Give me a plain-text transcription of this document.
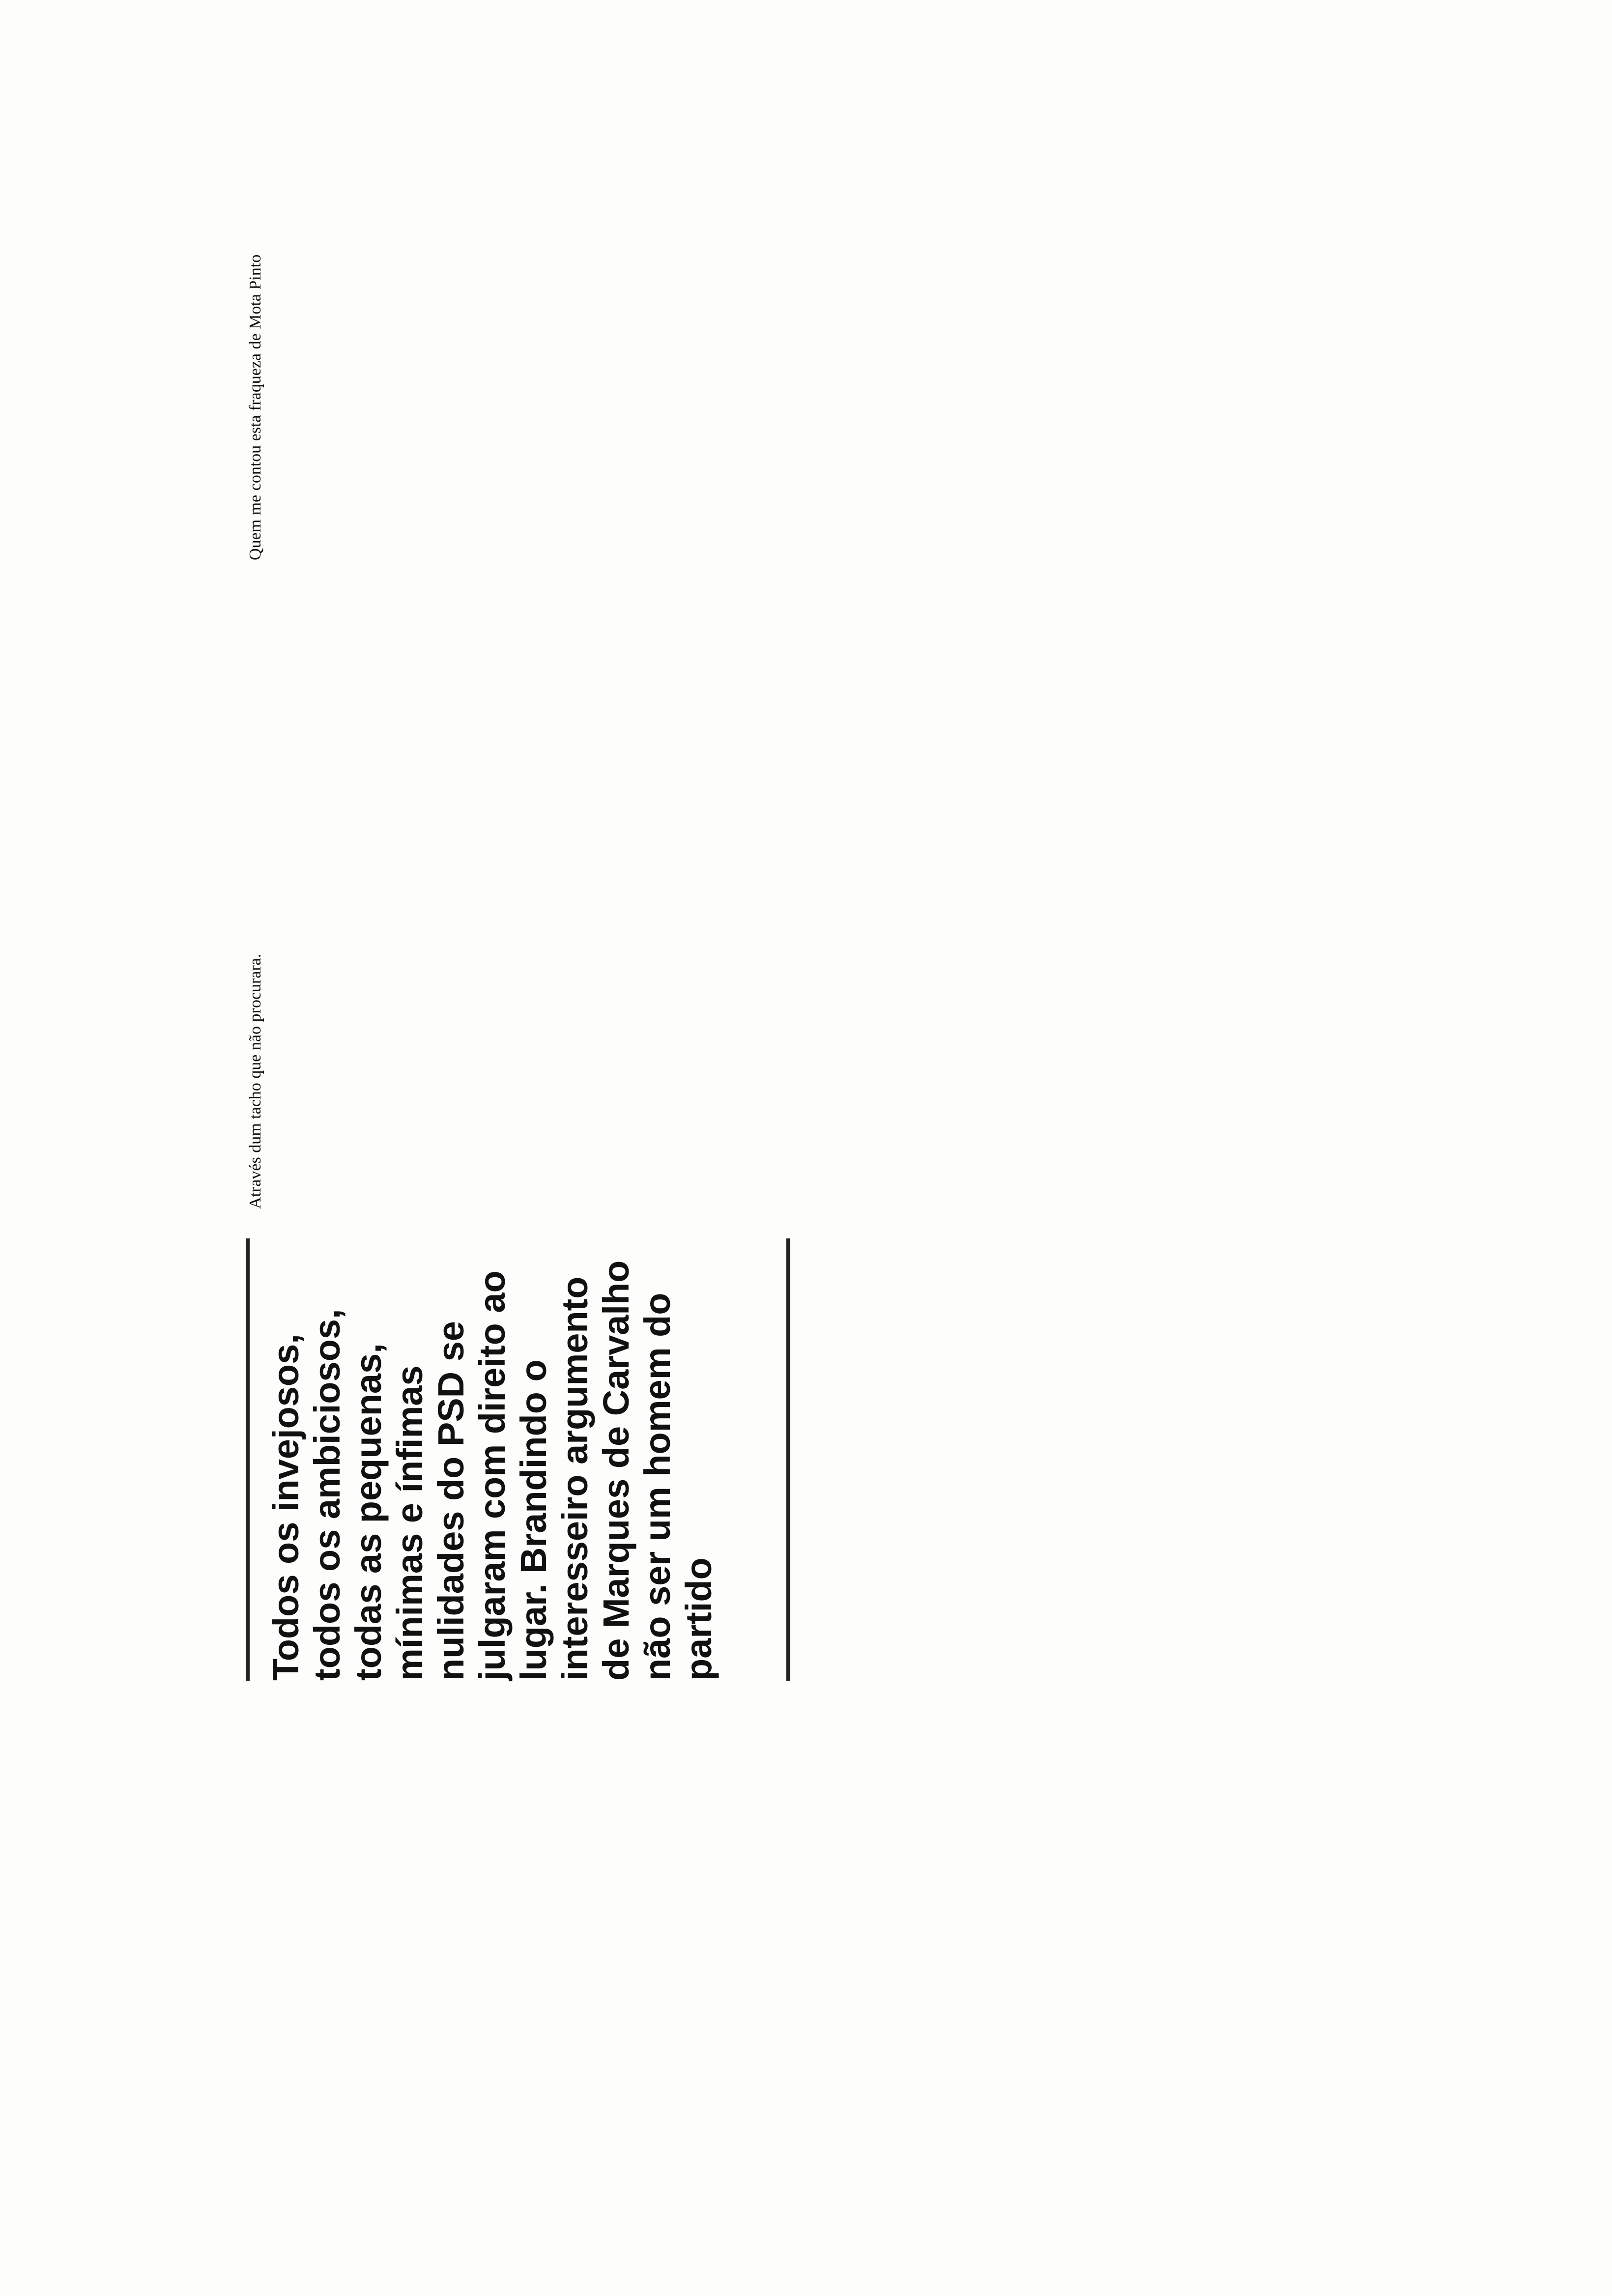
Todos os invejosos, todos os ambiciosos, todas as pequenas, mínimas e ínfimas nulidades do PSD se julgaram com direito ao lugar. Brandindo o interesseiro argumento de Marques de Carvalho não ser um homem do partido
Através dum tacho que não procurara.
Quem me contou esta fraqueza de Mota Pinto
